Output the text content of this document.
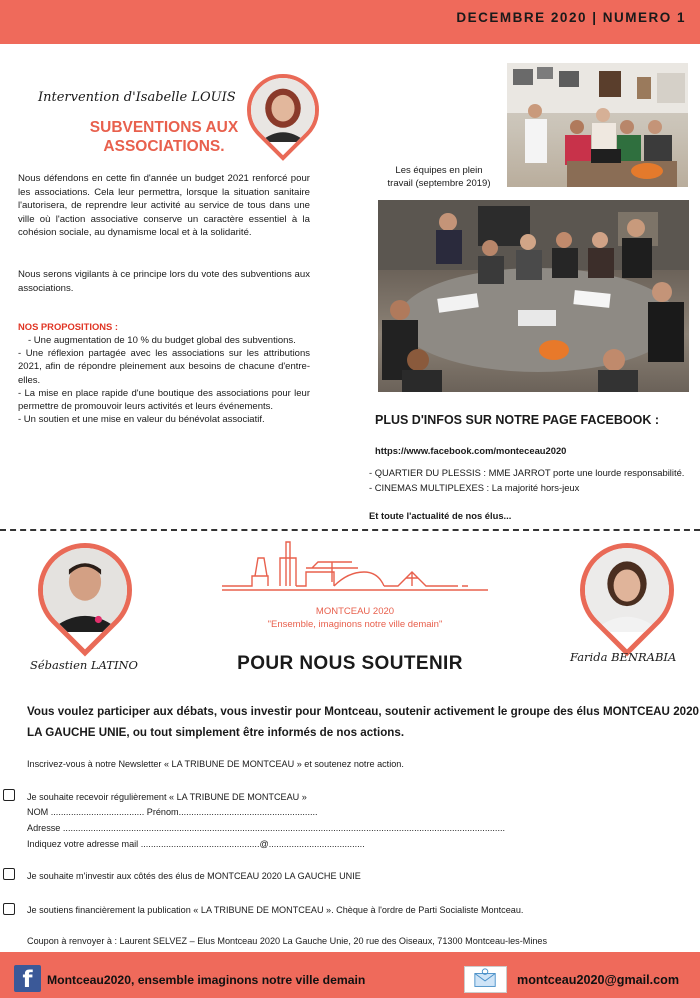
DECEMBRE 2020 | NUMERO 1
Intervention d'Isabelle LOUIS
SUBVENTIONS AUX
ASSOCIATIONS.
Nous défendons en cette fin d'année un budget 2021 renforcé pour les associations. Cela leur permettra, lorsque la situation sanitaire l'autorisera, de reprendre leur activité au service de tous dans une ville où l'action associative conserve un caractère essentiel à la cohésion sociale, au dynamisme local et à la solidarité.
Nous serons vigilants à ce principe lors du vote des subventions aux associations.
NOS PROPOSITIONS :
- Une augmentation de 10 % du budget global des subventions.
- Une réflexion partagée avec les associations sur les attributions 2021, afin de répondre pleinement aux besoins de chacune d'entre-elles.
- La mise en place rapide d'une boutique des associations pour leur permettre de promouvoir leurs activités et leurs événements.
- Un soutien et une mise en valeur du bénévolat associatif.
Les équipes en plein
travail (septembre 2019)
PLUS D'INFOS SUR NOTRE PAGE FACEBOOK :
https://www.facebook.com/monteceau2020
- QUARTIER DU PLESSIS : MME JARROT porte une lourde responsabilité.
- CINEMAS MULTIPLEXES : La majorité hors-jeux
Et toute l'actualité de nos élus...
Sébastien LATINO
MONTCEAU 2020
"Ensemble, imaginons notre ville demain"
Farida BENRABIA
POUR NOUS SOUTENIR
Vous voulez participer aux débats, vous investir pour Montceau, soutenir activement le groupe des élus MONTCEAU 2020 LA GAUCHE UNIE, ou tout simplement être informés de nos actions.
Inscrivez-vous à notre Newsletter « LA TRIBUNE DE MONTCEAU » et soutenez notre action.
Je souhaite recevoir régulièrement « LA TRIBUNE DE MONTCEAU »
NOM ..................................... Prénom.......................................................
Adresse ...............................................................................................................................................................................
Indiquez votre adresse mail ...............................................@......................................
Je souhaite m'investir aux côtés des élus de MONTCEAU 2020 LA GAUCHE UNIE
Je soutiens financièrement la publication « LA TRIBUNE DE MONTCEAU ». Chèque à l'ordre de Parti Socialiste Montceau.
Coupon à renvoyer à : Laurent SELVEZ – Elus Montceau 2020 La Gauche Unie, 20 rue des Oiseaux, 71300 Montceau-les-Mines
f	Montceau2020, ensemble imaginons notre ville demain	montceau2020@gmail.com
